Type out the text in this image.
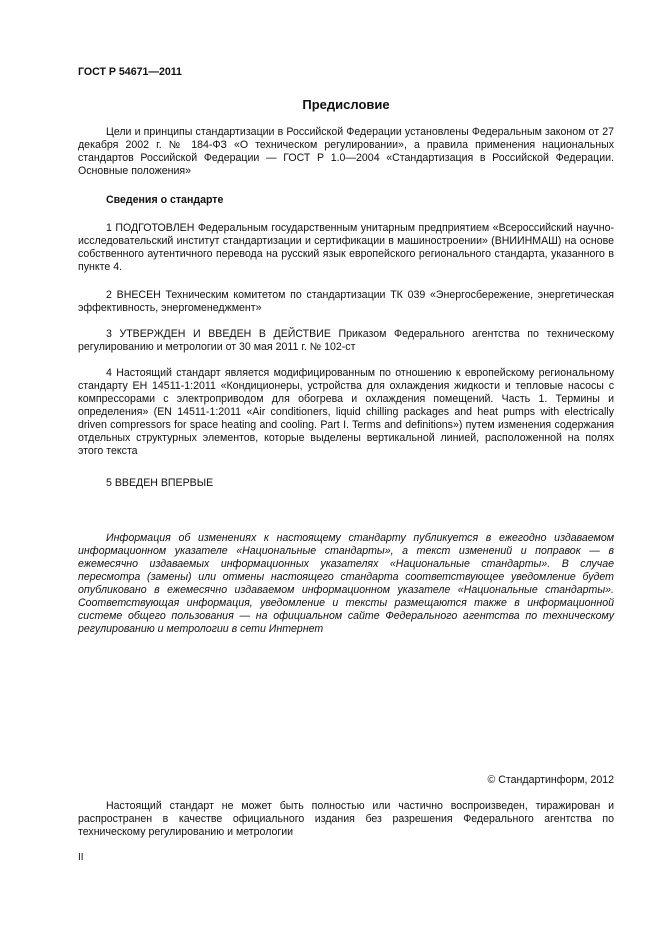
ГОСТ Р 54671—2011
Предисловие

Цели и принципы стандартизации в Российской Федерации установлены Федеральным законом от 27 декабря 2002 г. № 184-ФЗ «О техническом регулировании», а правила применения национальных стандартов Российской Федерации — ГОСТ Р 1.0—2004 «Стандартизация в Российской Федерации. Основные положения»

Сведения о стандарте

1 ПОДГОТОВЛЕН Федеральным государственным унитарным предприятием «Всероссийский научно-исследовательский институт стандартизации и сертификации в машиностроении» (ВНИИНМАШ) на основе собственного аутентичного перевода на русский язык европейского регионального стандарта, указанного в пункте 4.

2 ВНЕСЕН Техническим комитетом по стандартизации ТК 039 «Энергосбережение, энергетическая эффективность, энергоменеджмент»

3 УТВЕРЖДЕН И ВВЕДЕН В ДЕЙСТВИЕ Приказом Федерального агентства по техническому регулированию и метрологии от 30 мая 2011 г. № 102-ст

4 Настоящий стандарт является модифицированным по отношению к европейскому региональному стандарту ЕН 14511-1:2011 «Кондиционеры, устройства для охлаждения жидкости и тепловые насосы с компрессорами с электроприводом для обогрева и охлаждения помещений. Часть 1. Термины и определения» (EN 14511-1:2011 «Air conditioners, liquid chilling packages and heat pumps with electrically driven compressors for space heating and cooling. Part I. Terms and definitions») путем изменения содержания отдельных структурных элементов, которые выделены вертикальной линией, расположенной на полях этого текста

5 ВВЕДЕН ВПЕРВЫЕ

Информация об изменениях к настоящему стандарту публикуется в ежегодно издаваемом информационном указателе «Национальные стандарты», а текст изменений и поправок — в ежемесячно издаваемых информационных указателях «Национальные стандарты». В случае пересмотра (замены) или отмены настоящего стандарта соответствующее уведомление будет опубликовано в ежемесячно издаваемом информационном указателе «Национальные стандарты». Соответствующая информация, уведомление и тексты размещаются также в информационной системе общего пользования — на официальном сайте Федерального агентства по техническому регулированию и метрологии в сети Интернет

© Стандартинформ, 2012

Настоящий стандарт не может быть полностью или частично воспроизведен, тиражирован и распространен в качестве официального издания без разрешения Федерального агентства по техническому регулированию и метрологии

II
